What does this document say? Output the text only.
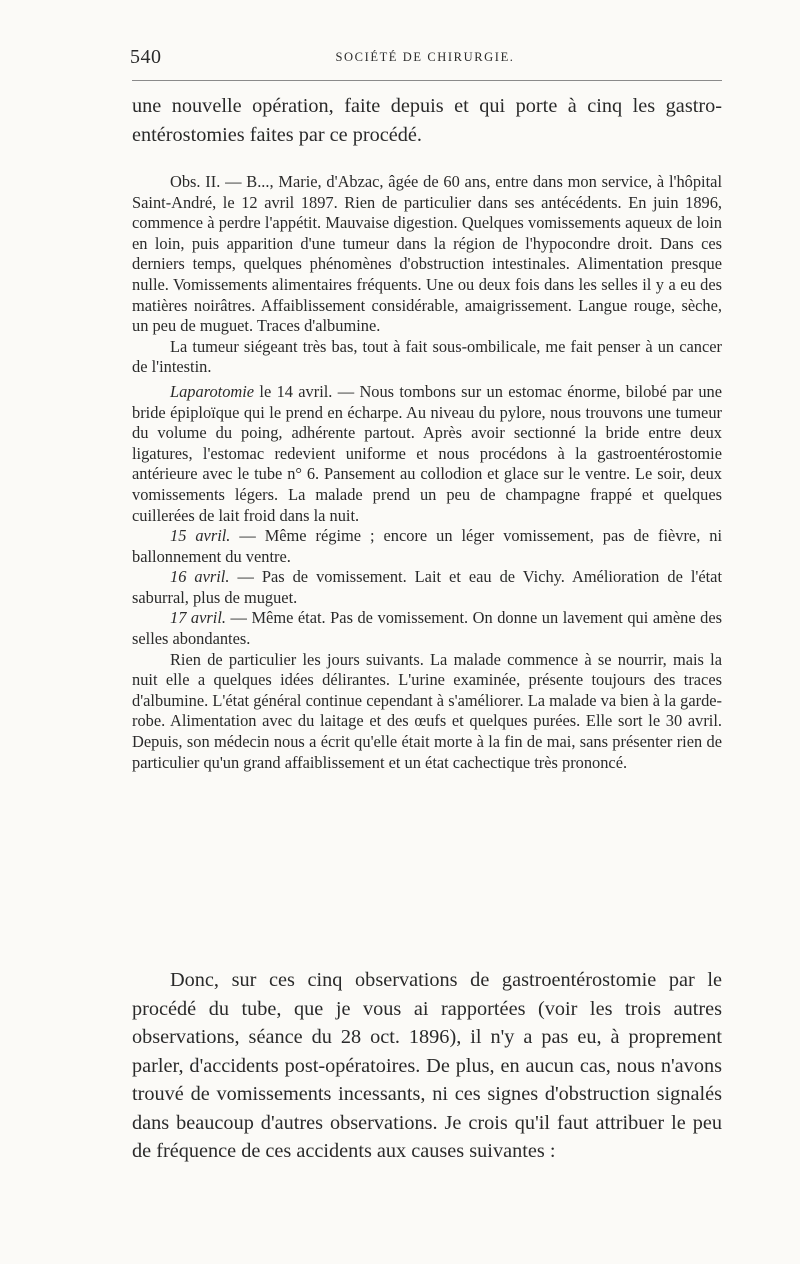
540	SOCIÉTÉ DE CHIRURGIE.

une nouvelle opération, faite depuis et qui porte à cinq les gastro-entérostomies faites par ce procédé.

Obs. II. — B..., Marie, d'Abzac, âgée de 60 ans, entre dans mon service, à l'hôpital Saint-André, le 12 avril 1897. Rien de particulier dans ses antécédents. En juin 1896, commence à perdre l'appétit. Mauvaise digestion. Quelques vomissements aqueux de loin en loin, puis apparition d'une tumeur dans la région de l'hypocondre droit. Dans ces derniers temps, quelques phénomènes d'obstruction intestinales. Alimentation presque nulle. Vomissements alimentaires fréquents. Une ou deux fois dans les selles il y a eu des matières noirâtres. Affaiblissement considérable, amaigrissement. Langue rouge, sèche, un peu de muguet. Traces d'albumine.

La tumeur siégeant très bas, tout à fait sous-ombilicale, me fait penser à un cancer de l'intestin.

Laparotomie le 14 avril. — Nous tombons sur un estomac énorme, bilobé par une bride épiploïque qui le prend en écharpe. Au niveau du pylore, nous trouvons une tumeur du volume du poing, adhérente partout. Après avoir sectionné la bride entre deux ligatures, l'estomac redevient uniforme et nous procédons à la gastroentérostomie antérieure avec le tube n° 6. Pansement au collodion et glace sur le ventre. Le soir, deux vomissements légers. La malade prend un peu de champagne frappé et quelques cuillerées de lait froid dans la nuit.

15 avril. — Même régime ; encore un léger vomissement, pas de fièvre, ni ballonnement du ventre.

16 avril. — Pas de vomissement. Lait et eau de Vichy. Amélioration de l'état saburral, plus de muguet.

17 avril. — Même état. Pas de vomissement. On donne un lavement qui amène des selles abondantes.

Rien de particulier les jours suivants. La malade commence à se nourrir, mais la nuit elle a quelques idées délirantes. L'urine examinée, présente toujours des traces d'albumine. L'état général continue cependant à s'améliorer. La malade va bien à la garde-robe. Alimentation avec du laitage et des œufs et quelques purées. Elle sort le 30 avril. Depuis, son médecin nous a écrit qu'elle était morte à la fin de mai, sans présenter rien de particulier qu'un grand affaiblissement et un état cachectique très prononcé.

Donc, sur ces cinq observations de gastroentérostomie par le procédé du tube, que je vous ai rapportées (voir les trois autres observations, séance du 28 oct. 1896), il n'y a pas eu, à proprement parler, d'accidents post-opératoires. De plus, en aucun cas, nous n'avons trouvé de vomissements incessants, ni ces signes d'obstruction signalés dans beaucoup d'autres observations. Je crois qu'il faut attribuer le peu de fréquence de ces accidents aux causes suivantes :
